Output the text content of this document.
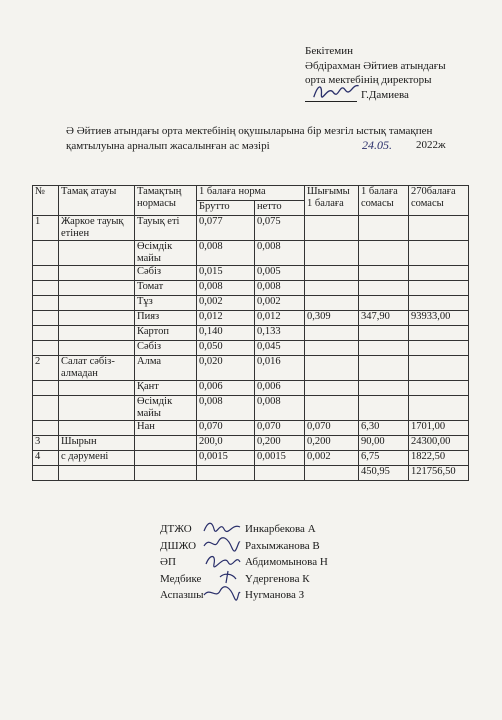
Бекітемин
Әбдірахман Әйтиев атындағы
орта мектебінің директоры
Г.Дамиева
Ә Әйтиев атындағы орта мектебінің оқушыларына бір мезгіл ыстық тамақпен
қамтылуына арналып жасалынған ас мәзірі	24.05. 2022ж
№	Тамақ атауы	Тамақтың нормасы	1 балаға норма		Шығымы 1 балаға	1 балаға сомасы	270балаға сомасы
			Брутто	нетто			
1	Жаркое тауық етінен	Тауық еті	0,077	0,075			
		Өсімдік майы	0,008	0,008			
		Сәбіз	0,015	0,005			
		Томат	0,008	0,008			
		Тұз	0,002	0,002			
		Пияз	0,012	0,012	0,309	347,90	93933,00
		Картоп	0,140	0,133			
		Сәбіз	0,050	0,045			
2	Салат сәбіз-алмадан	Алма	0,020	0,016			
		Қант	0,006	0,006			
		Өсімдік майы	0,008	0,008			
		Нан	0,070	0,070	0,070	6,30	1701,00
3	Шырын		200,0	0,200	0,200	90,00	24300,00
4	с дәрумені		0,0015	0,0015	0,002	6,75	1822,50
						450,95	121756,50
ДТЖО	Инкарбекова А
ДШЖО	Рахымжанова В
ӘП	Абдимомынова Н
Медбике	Үдергенова К
Аспазшы	Нугманова З
